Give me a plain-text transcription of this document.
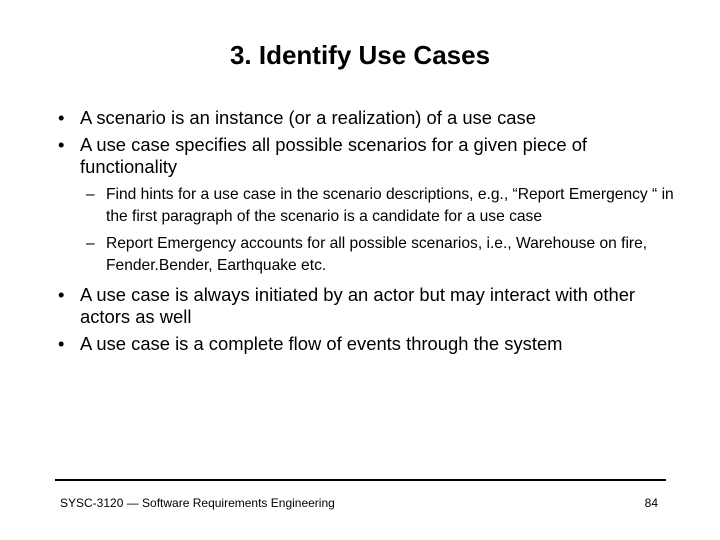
3. Identify Use Cases
• A scenario is an instance (or a realization) of a use case
• A use case specifies all possible scenarios for a given piece of functionality
– Find hints for a use case in the scenario descriptions, e.g., “Report Emergency “ in the first paragraph of the scenario is a candidate for a use case
– Report Emergency accounts for all possible scenarios, i.e., Warehouse on fire, Fender.Bender, Earthquake etc.
• A use case is always initiated by an actor but may interact with other actors as well
• A use case is a complete flow of events through the system
SYSC-3120 — Software Requirements Engineering	84
